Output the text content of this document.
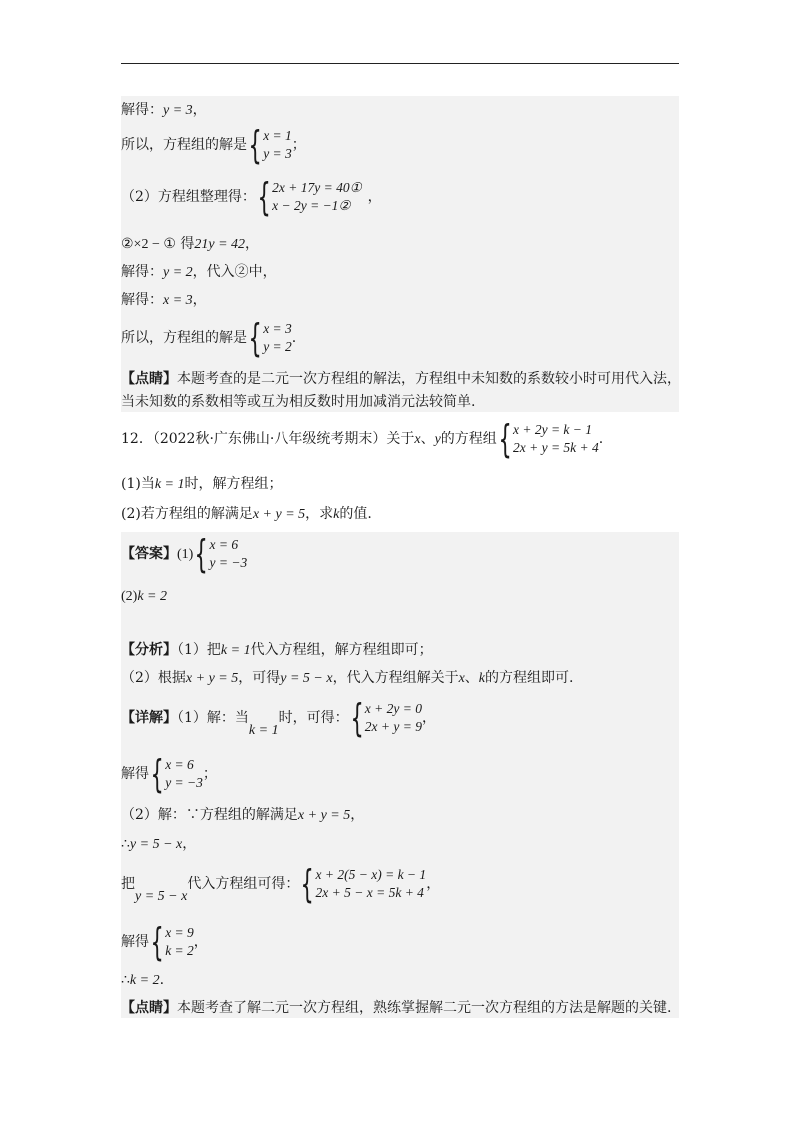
解得：y = 3，
所以，方程组的解是 { x = 1
y = 3
；
（2）方程组整理得： { 2x + 17y = 40①
x − 2y = −1②
，
②×2 − ① 得21y = 42，
解得：y = 2，代入②中，
解得：x = 3，
所以，方程组的解是 { x = 3
y = 2
.
【点睛】本题考查的是二元一次方程组的解法，方程组中未知数的系数较小时可用代入法，
当未知数的系数相等或互为相反数时用加减消元法较简单.
12．（2022秋·广东佛山·八年级统考期末）关于x、y的方程组 { x + 2y = k − 1
2x + y = 5k + 4
.
(1)当k = 1时，解方程组；
(2)若方程组的解满足x + y = 5，求k的值.
【答案】(1) { x = 6
y = −3
(2)k = 2
【分析】（1）把k = 1代入方程组，解方程组即可；
（2）根据x + y = 5，可得y = 5 − x，代入方程组解关于x、k的方程组即可.
【详解】（1）解：当k = 1时，可得： { x + 2y = 0
2x + y = 9
，
解得 { x = 6
y = −3
；
（2）解：∵方程组的解满足x + y = 5，
∴y = 5 − x，
把y = 5 − x代入方程组可得： { x + 2(5 − x) = k − 1
2x + 5 − x = 5k + 4
，
解得 { x = 9
k = 2
，
∴k = 2.
【点睛】本题考查了解二元一次方程组，熟练掌握解二元一次方程组的方法是解题的关键.
